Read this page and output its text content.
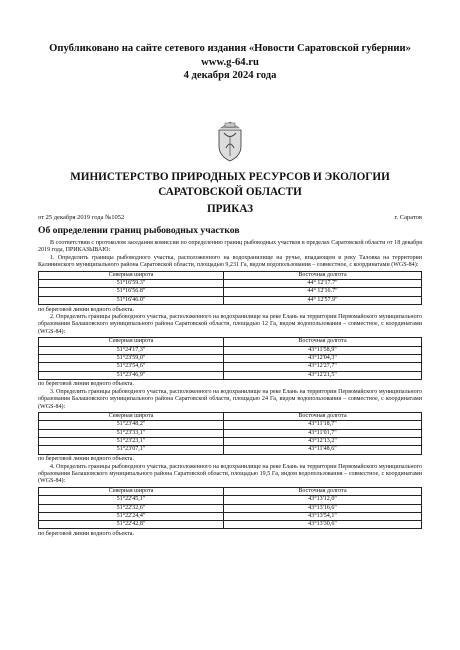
Опубликовано на сайте сетевого издания «Новости Саратовской губернии»
www.g-64.ru
4 декабря 2024 года
МИНИСТЕРСТВО ПРИРОДНЫХ РЕСУРСОВ И ЭКОЛОГИИ
САРАТОВСКОЙ ОБЛАСТИ
ПРИКАЗ
от 25 декабря 2019 года №1052	г. Саратов
Об определении границ рыбоводных участков

В соответствии с протоколом заседания комиссии по определению границ рыбоводных участков в пределах Саратовской области от 18 декабря 2019 года, ПРИКАЗЫВАЮ:

1. Определить границы рыбоводного участка, расположенного на водохранилище на ручье, впадающем в реку Таловка на территории Калининского муниципального района Саратовской области, площадью 9,231 Га, видом водопользования – совместное, с координатами (WGS-84):

Северная широта	Восточная долгота
51°16'59.3"	44° 12'17.7"
51°16'56.8"	44° 12'16.7"
51°16'46.0"	44° 12'57.9"

по береговой линии водного объекта.

2. Определить границы рыбоводного участка, расположенного на водохранилище на реке Елань на территории Первомайского муниципального образования Балашовского муниципального района Саратовской области, площадью 12 Га, видом водопользования – совместное, с координатами (WGS-84):

Северная широта	Восточная долгота
51°24'17,3"	43°11'58,9"
51°23'59,0"	43°12'04,3"
51°23'54,6"	43°12'27,7"
51°23'46,9"	43°12'21,5"

по береговой линии водного объекта.

3. Определить границы рыбоводного участка, расположенного на водохранилище на реке Елань на территории Первомайского муниципального образования Балашовского муниципального района Саратовской области, площадью 24 Га, видом водопользования – совместное, с координатами (WGS-84):

Северная широта	Восточная долгота
51°23'48,2"	43°11'18,7"
51°23'33,1"	43°11'01,7"
51°23'23,1"	43°12'13,2"
51°23'07,1"	43°11'48,6"

по береговой линии водного объекта.

4. Определить границы рыбоводного участка, расположенного на водохранилище на реке Елань на территории Первомайского муниципального образования Балашовского муниципального района Саратовской области, площадью 19,5 Га, видом водопользования – совместное, с координатами (WGS-84):

Северная широта	Восточная долгота
51°22'45,1"	43°13'12,0"
51°22'32,6"	43°13'16,6"
51°22'24,4"	43°13'54,1"
51°22'42,8"	43°13'30,6"

по береговой линии водного объекта.
